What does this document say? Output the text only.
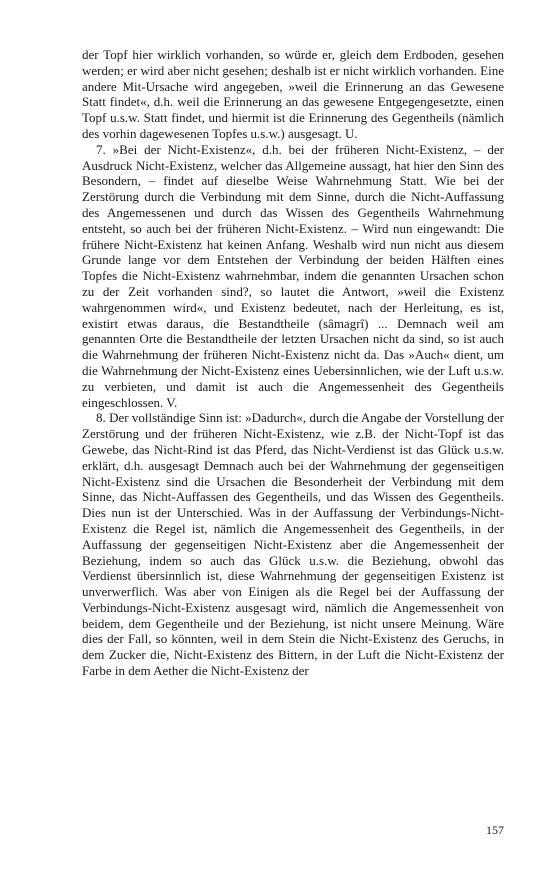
der Topf hier wirklich vorhanden, so würde er, gleich dem Erdboden, gesehen werden; er wird aber nicht gesehen; deshalb ist er nicht wirklich vorhanden. Eine andere Mit-Ursache wird angegeben, »weil die Erinnerung an das Gewesene Statt findet«, d.h. weil die Erinnerung an das gewesene Entgegengesetzte, einen Topf u.s.w. Statt findet, und hiermit ist die Erinnerung des Gegentheils (nämlich des vorhin dagewesenen Topfes u.s.w.) ausgesagt. U.

7. »Bei der Nicht-Existenz«, d.h. bei der früheren Nicht-Existenz, – der Ausdruck Nicht-Existenz, welcher das Allgemeine aussagt, hat hier den Sinn des Besondern, – findet auf dieselbe Weise Wahrnehmung Statt. Wie bei der Zerstörung durch die Verbindung mit dem Sinne, durch die Nicht-Auffassung des Angemessenen und durch das Wissen des Gegentheils Wahrnehmung entsteht, so auch bei der früheren Nicht-Existenz. – Wird nun eingewandt: Die frühere Nicht-Existenz hat keinen Anfang. Weshalb wird nun nicht aus diesem Grunde lange vor dem Entstehen der Verbindung der beiden Hälften eines Topfes die Nicht-Existenz wahrnehmbar, indem die genannten Ursachen schon zu der Zeit vorhanden sind?, so lautet die Antwort, »weil die Existenz wahrgenommen wird«, und Existenz bedeutet, nach der Herleitung, es ist, existirt etwas daraus, die Bestandtheile (sâmagrî) ... Demnach weil am genannten Orte die Bestandtheile der letzten Ursachen nicht da sind, so ist auch die Wahrnehmung der früheren Nicht-Existenz nicht da. Das »Auch« dient, um die Wahrnehmung der Nicht-Existenz eines Uebersinnlichen, wie der Luft u.s.w. zu verbieten, und damit ist auch die Angemessenheit des Gegentheils eingeschlossen. V.

8. Der vollständige Sinn ist: »Dadurch«, durch die Angabe der Vorstellung der Zerstörung und der früheren Nicht-Existenz, wie z.B. der Nicht-Topf ist das Gewebe, das Nicht-Rind ist das Pferd, das Nicht-Verdienst ist das Glück u.s.w. erklärt, d.h. ausgesagt Demnach auch bei der Wahrnehmung der gegenseitigen Nicht-Existenz sind die Ursachen die Besonderheit der Verbindung mit dem Sinne, das Nicht-Auffassen des Gegentheils, und das Wissen des Gegentheils. Dies nun ist der Unterschied. Was in der Auffassung der Verbindungs-Nicht-Existenz die Regel ist, nämlich die Angemessenheit des Gegentheils, in der Auffassung der gegenseitigen Nicht-Existenz aber die Angemessenheit der Beziehung, indem so auch das Glück u.s.w. die Beziehung, obwohl das Verdienst übersinnlich ist, diese Wahrnehmung der gegenseitigen Existenz ist unverwerflich. Was aber von Einigen als die Regel bei der Auffassung der Verbindungs-Nicht-Existenz ausgesagt wird, nämlich die Angemessenheit von beidem, dem Gegentheile und der Beziehung, ist nicht unsere Meinung. Wäre dies der Fall, so könnten, weil in dem Stein die Nicht-Existenz des Geruchs, in dem Zucker die, Nicht-Existenz des Bittern, in der Luft die Nicht-Existenz der Farbe in dem Aether die Nicht-Existenz der

157
